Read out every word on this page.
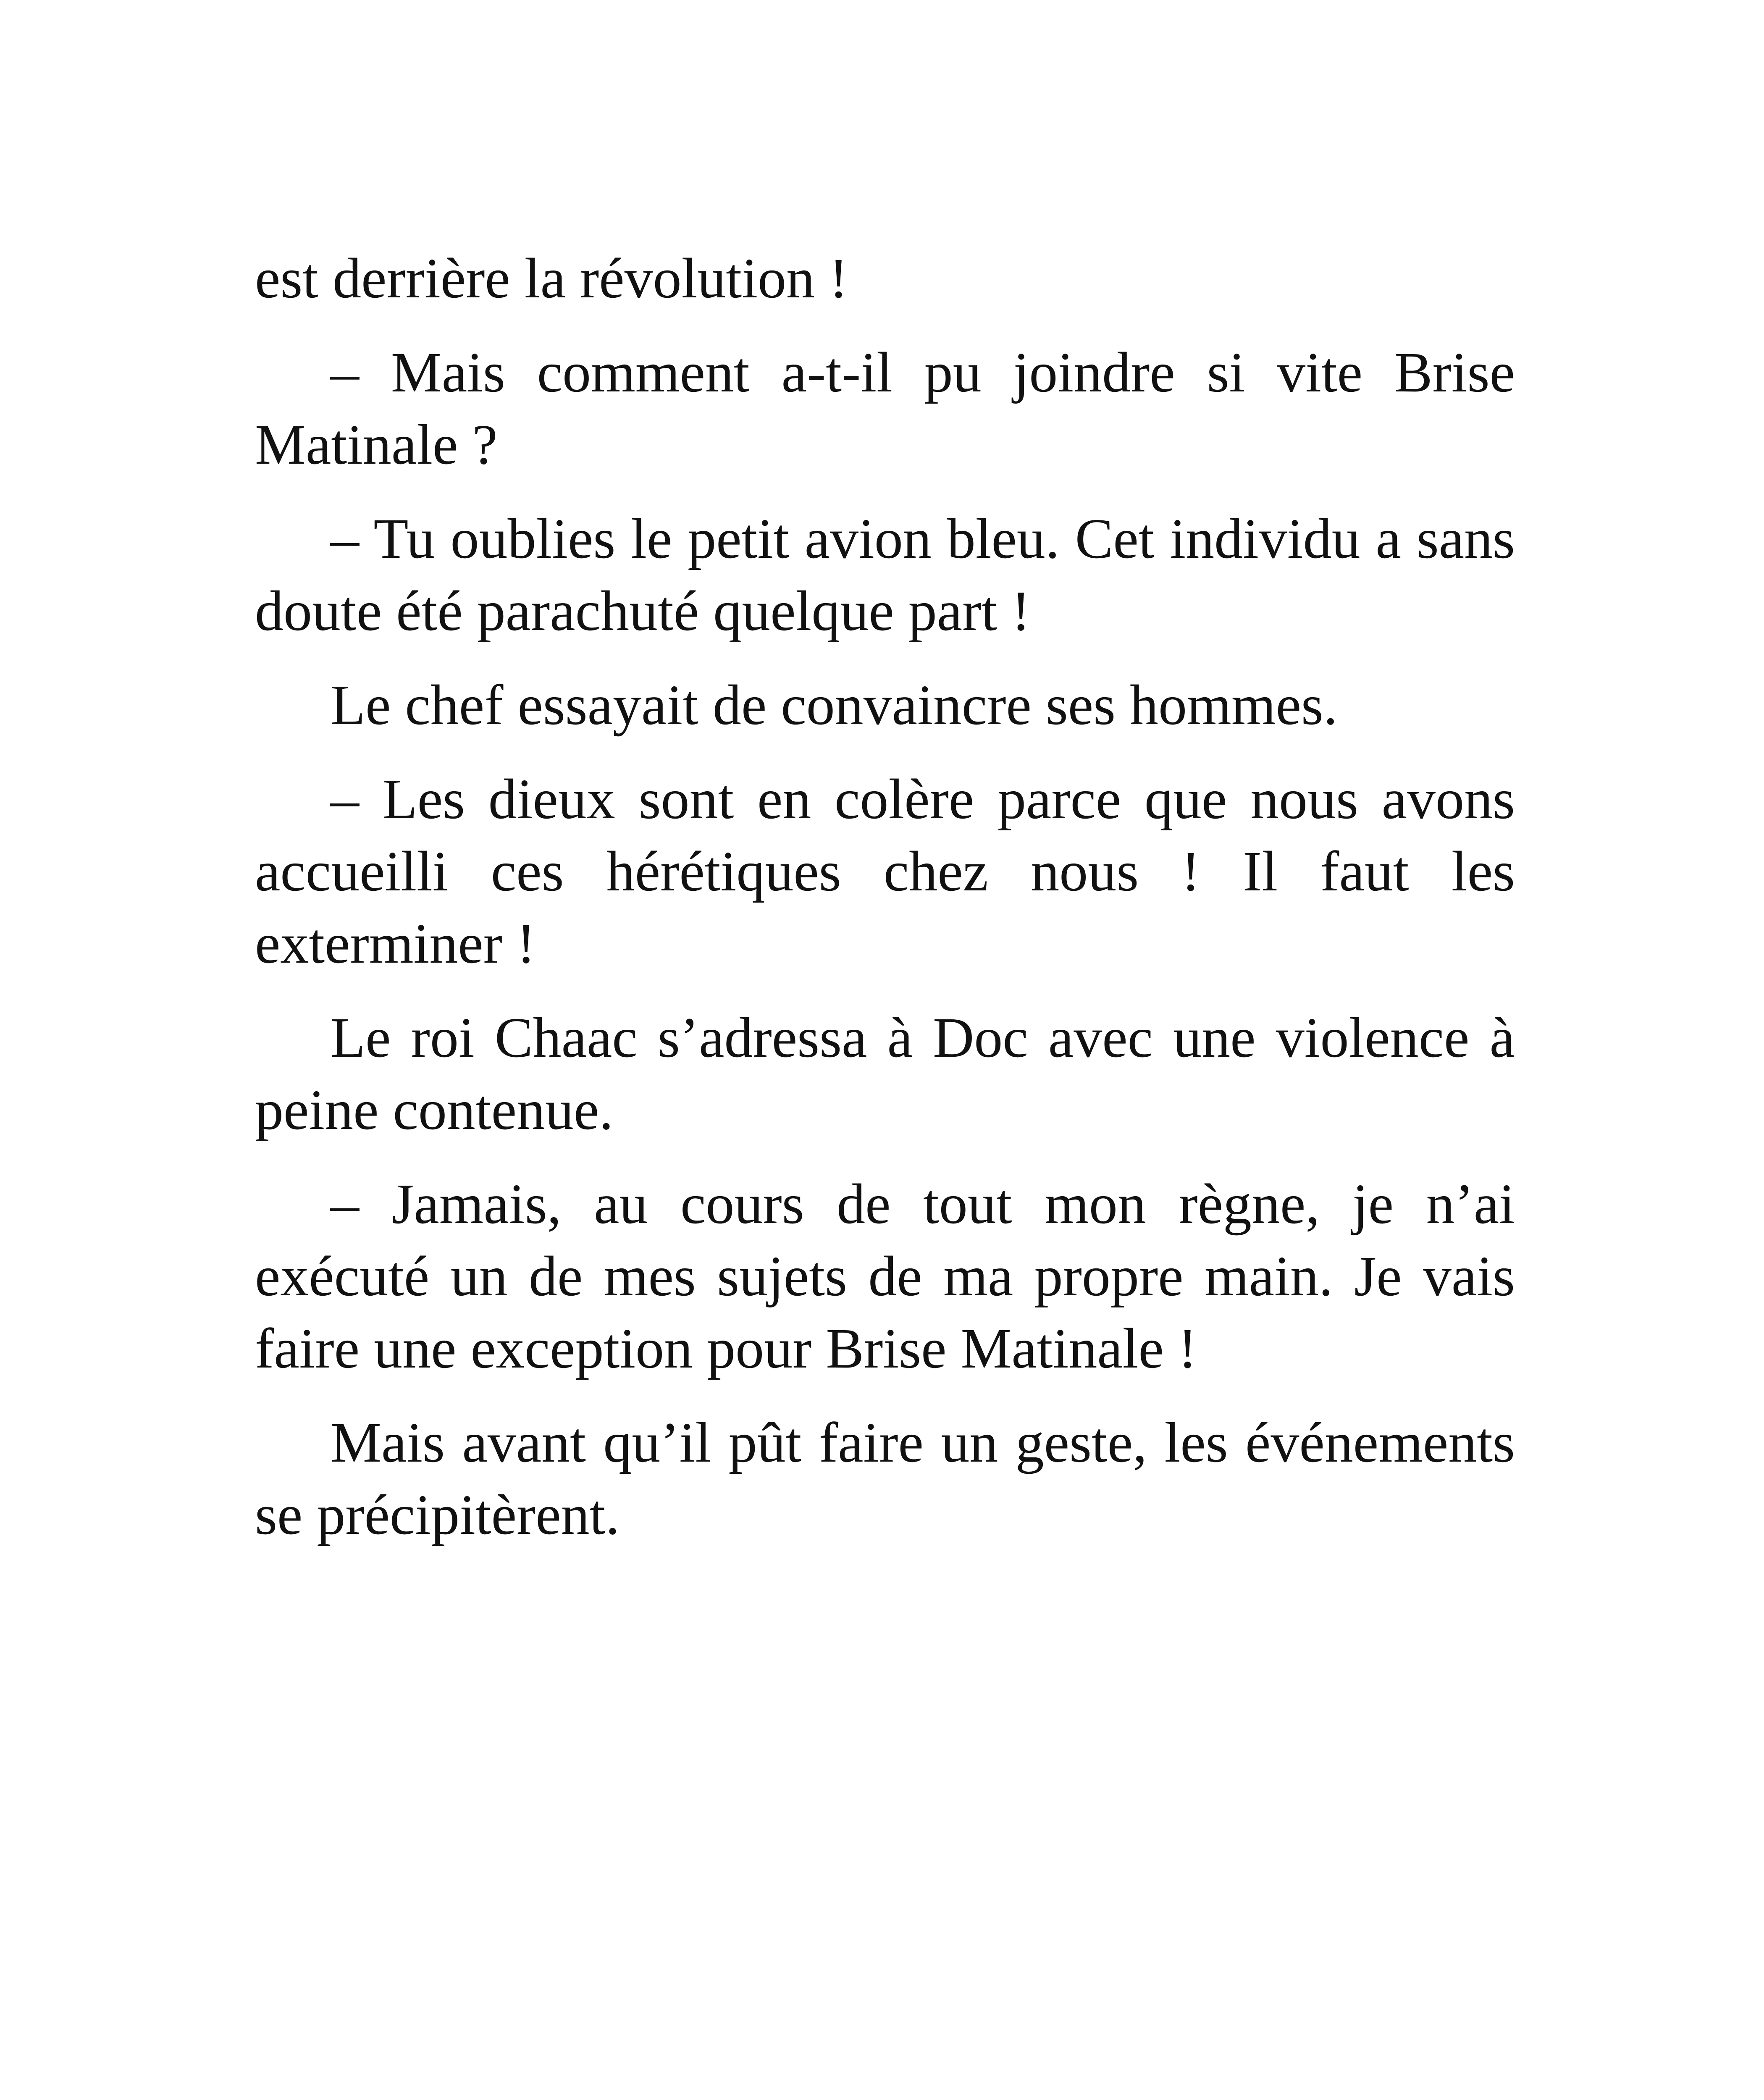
est derrière la révolution !

– Mais comment a-t-il pu joindre si vite Brise Matinale ?

– Tu oublies le petit avion bleu. Cet individu a sans doute été parachuté quelque part !

Le chef essayait de convaincre ses hommes.

– Les dieux sont en colère parce que nous avons accueilli ces hérétiques chez nous ! Il faut les exterminer !

Le roi Chaac s’adressa à Doc avec une violence à peine contenue.

– Jamais, au cours de tout mon règne, je n’ai exécuté un de mes sujets de ma propre main. Je vais faire une exception pour Brise Matinale !

Mais avant qu’il pût faire un geste, les événements se précipitèrent.
